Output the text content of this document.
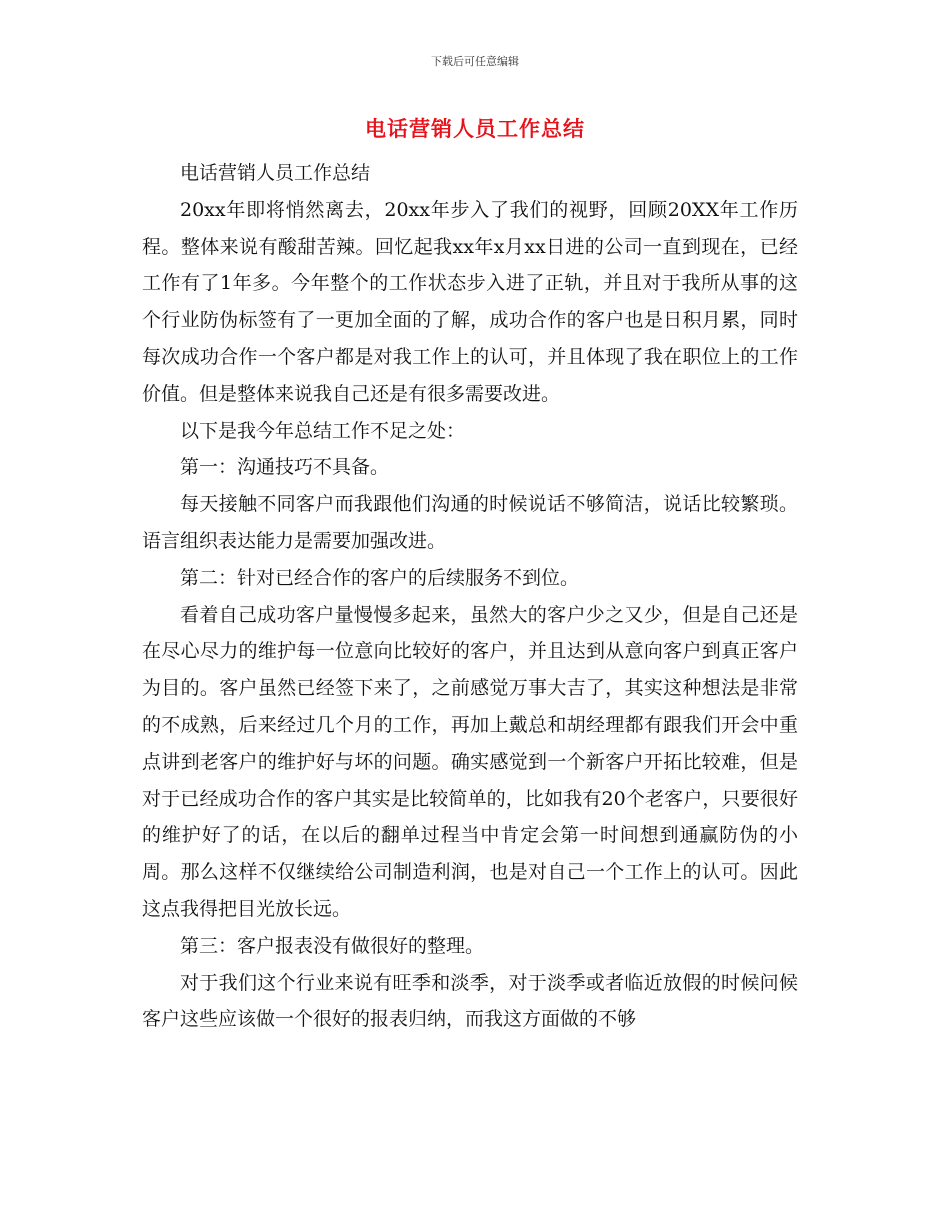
下载后可任意编辑
电话营销人员工作总结

电话营销人员工作总结

20xx年即将悄然离去，20xx年步入了我们的视野，回顾20XX年工作历程。整体来说有酸甜苦辣。回忆起我xx年x月xx日进的公司一直到现在，已经工作有了1年多。今年整个的工作状态步入进了正轨，并且对于我所从事的这个行业防伪标签有了一更加全面的了解，成功合作的客户也是日积月累，同时每次成功合作一个客户都是对我工作上的认可，并且体现了我在职位上的工作价值。但是整体来说我自己还是有很多需要改进。

以下是我今年总结工作不足之处：

第一：沟通技巧不具备。

每天接触不同客户而我跟他们沟通的时候说话不够简洁，说话比较繁琐。语言组织表达能力是需要加强改进。

第二：针对已经合作的客户的后续服务不到位。

看着自己成功客户量慢慢多起来，虽然大的客户少之又少，但是自己还是在尽心尽力的维护每一位意向比较好的客户，并且达到从意向客户到真正客户为目的。客户虽然已经签下来了，之前感觉万事大吉了，其实这种想法是非常的不成熟，后来经过几个月的工作，再加上戴总和胡经理都有跟我们开会中重点讲到老客户的维护好与坏的问题。确实感觉到一个新客户开拓比较难，但是对于已经成功合作的客户其实是比较简单的，比如我有20个老客户，只要很好的维护好了的话，在以后的翻单过程当中肯定会第一时间想到通赢防伪的小周。那么这样不仅继续给公司制造利润，也是对自己一个工作上的认可。因此这点我得把目光放长远。

第三：客户报表没有做很好的整理。

对于我们这个行业来说有旺季和淡季，对于淡季或者临近放假的时候问候客户这些应该做一个很好的报表归纳，而我这方面做的不够
